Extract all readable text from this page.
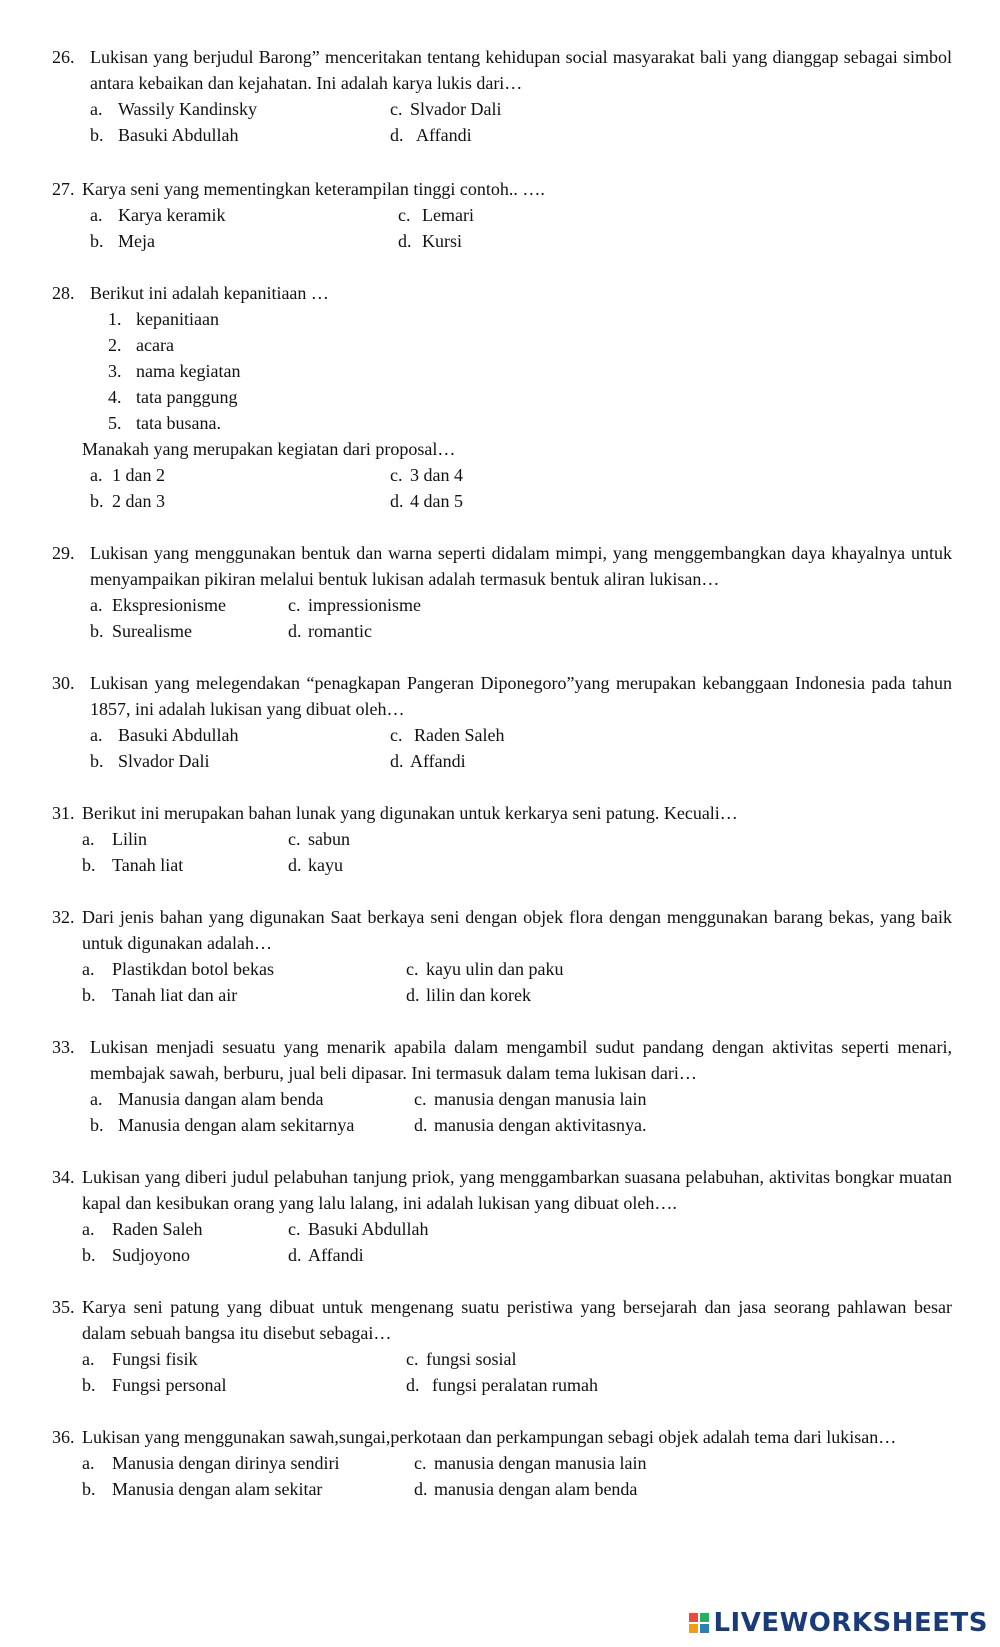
26. Lukisan yang berjudul Barong” menceritakan tentang kehidupan social masyarakat bali yang dianggap sebagai simbol antara kebaikan dan kejahatan. Ini adalah karya lukis dari…
a. Wassily Kandinsky	c. Slvador Dali
b. Basuki Abdullah	d. Affandi
27. Karya seni yang mementingkan keterampilan tinggi contoh.. ….
a. Karya keramik	c. Lemari
b. Meja	d. Kursi
28. Berikut ini adalah kepanitiaan …
1. kepanitiaan
2. acara
3. nama kegiatan
4. tata panggung
5. tata busana.
Manakah yang merupakan kegiatan dari proposal…
a. 1 dan 2	c. 3 dan 4
b. 2 dan 3	d. 4 dan 5
29. Lukisan yang menggunakan bentuk dan warna seperti didalam mimpi, yang menggembangkan daya khayalnya untuk menyampaikan pikiran melalui bentuk lukisan adalah termasuk bentuk aliran lukisan…
a. Ekspresionisme	c. impressionisme
b. Surealisme	d. romantic
30. Lukisan yang melegendakan “penagkapan Pangeran Diponegoro”yang merupakan kebanggaan Indonesia pada tahun 1857, ini adalah lukisan yang dibuat oleh…
a. Basuki Abdullah	c. Raden Saleh
b. Slvador Dali	d. Affandi
31. Berikut ini merupakan bahan lunak yang digunakan untuk kerkarya seni patung. Kecuali…
a. Lilin	c. sabun
b. Tanah liat	d. kayu
32. Dari jenis bahan yang digunakan Saat berkaya seni dengan objek flora dengan menggunakan barang bekas, yang baik untuk digunakan adalah…
a. Plastikdan botol bekas	c. kayu ulin dan paku
b. Tanah liat dan air	d. lilin dan korek
33. Lukisan menjadi sesuatu yang menarik apabila dalam mengambil sudut pandang dengan aktivitas seperti menari, membajak sawah, berburu, jual beli dipasar. Ini termasuk dalam tema lukisan dari…
a. Manusia dangan alam benda	c. manusia dengan manusia lain
b. Manusia dengan alam sekitarnya	d. manusia dengan aktivitasnya.
34. Lukisan yang diberi judul pelabuhan tanjung priok, yang menggambarkan suasana pelabuhan, aktivitas bongkar muatan kapal dan kesibukan orang yang lalu lalang, ini adalah lukisan yang dibuat oleh….
a. Raden Saleh	c. Basuki Abdullah
b. Sudjoyono	d. Affandi
35. Karya seni patung yang dibuat untuk mengenang suatu peristiwa yang bersejarah dan jasa seorang pahlawan besar dalam sebuah bangsa itu disebut sebagai…
a. Fungsi fisik	c. fungsi sosial
b. Fungsi personal	d. fungsi peralatan rumah
36. Lukisan yang menggunakan sawah,sungai,perkotaan dan perkampungan sebagi objek adalah tema dari lukisan…
a. Manusia dengan dirinya sendiri	c. manusia dengan manusia lain
b. Manusia dengan alam sekitar	d. manusia dengan alam benda
LIVEWORKSHEETS
